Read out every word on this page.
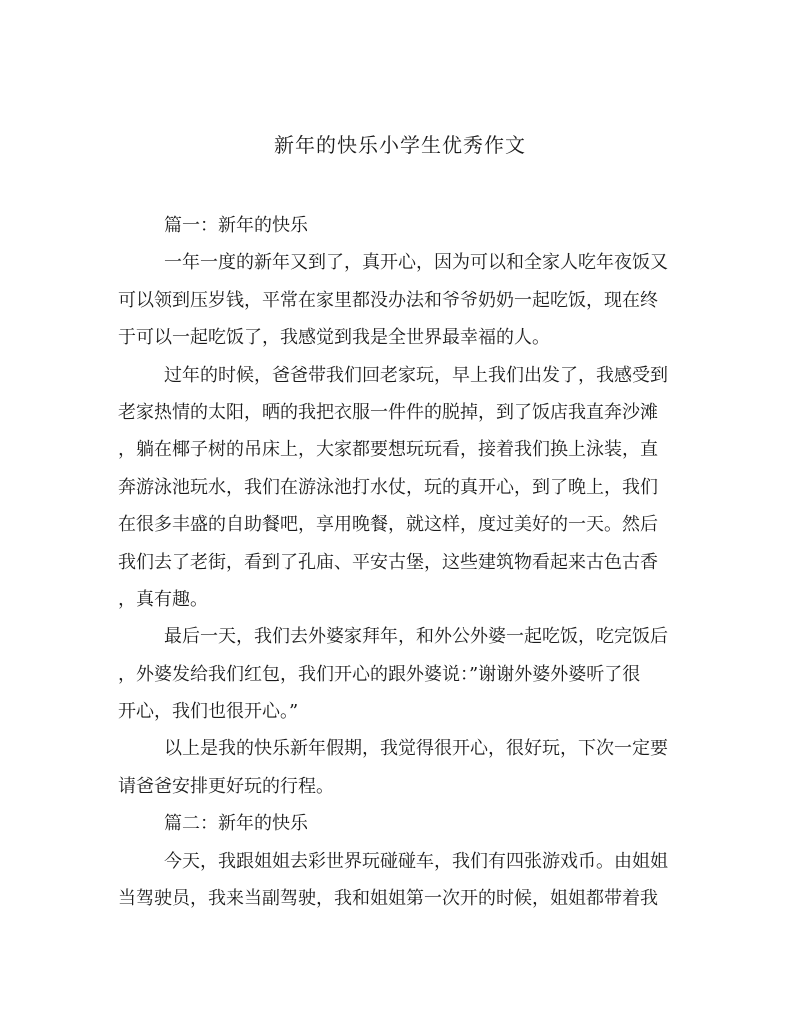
新年的快乐小学生优秀作文
篇一：新年的快乐
一年一度的新年又到了，真开心，因为可以和全家人吃年夜饭又
可以领到压岁钱，平常在家里都没办法和爷爷奶奶一起吃饭，现在终
于可以一起吃饭了，我感觉到我是全世界最幸福的人。
过年的时候，爸爸带我们回老家玩，早上我们出发了，我感受到
老家热情的太阳，晒的我把衣服一件件的脱掉，到了饭店我直奔沙滩
，躺在椰子树的吊床上，大家都要想玩玩看，接着我们换上泳装，直
奔游泳池玩水，我们在游泳池打水仗，玩的真开心，到了晚上，我们
在很多丰盛的自助餐吧，享用晚餐，就这样，度过美好的一天。然后
我们去了老街，看到了孔庙、平安古堡，这些建筑物看起来古色古香
，真有趣。
最后一天，我们去外婆家拜年，和外公外婆一起吃饭，吃完饭后
，外婆发给我们红包，我们开心的跟外婆说：”谢谢外婆外婆听了很
开心，我们也很开心。”
以上是我的快乐新年假期，我觉得很开心，很好玩，下次一定要
请爸爸安排更好玩的行程。
篇二：新年的快乐
今天，我跟姐姐去彩世界玩碰碰车，我们有四张游戏币。由姐姐
当驾驶员，我来当副驾驶，我和姐姐第一次开的时候，姐姐都带着我
